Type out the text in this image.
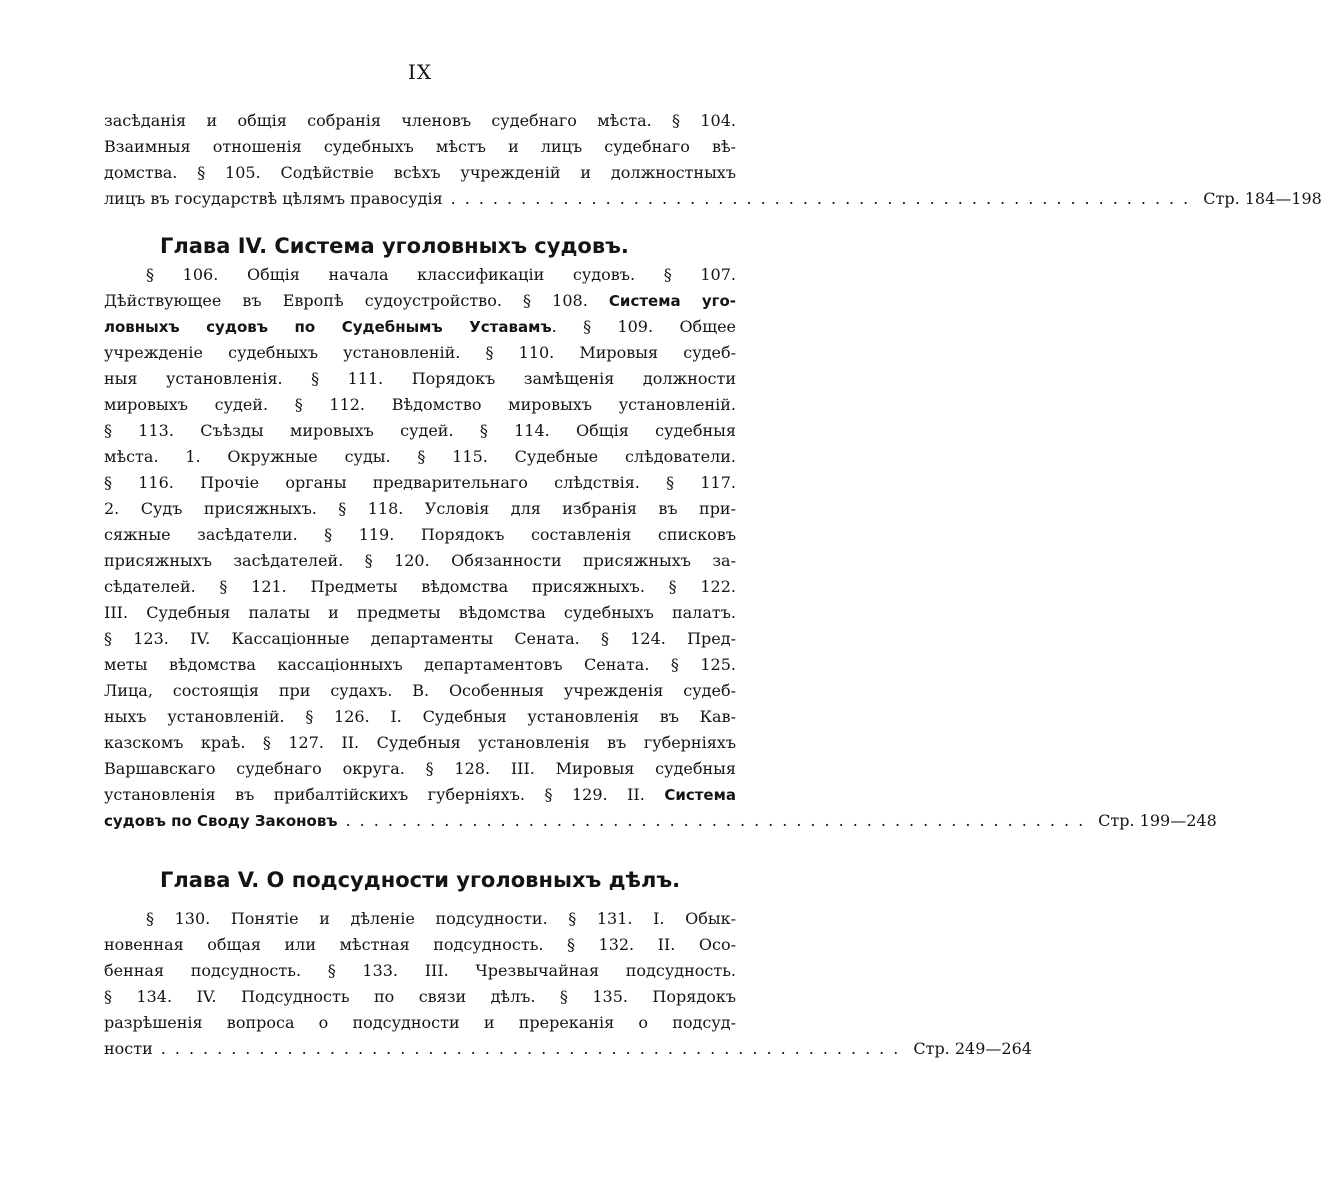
IX
засѣданія и общія собранія членовъ судебнаго мѣста. § 104.
Взаимныя отношенія судебныхъ мѣстъ и лицъ судебнаго вѣ-
домства. § 105. Содѣйствіе всѣхъ учрежденій и должностныхъ
лицъ въ государствѣ цѣлямъ правосудія ..................................................... Стр. 184—198
Глава IV. Система уголовныхъ судовъ.
§ 106. Общія начала классификаціи судовъ. § 107.
Дѣйствующее въ Европѣ судоустройство. § 108. Система уго-
ловныхъ судовъ по Судебнымъ Уставамъ. § 109. Общее
учрежденіе судебныхъ установленій. § 110. Мировыя судеб-
ныя установленія. § 111. Порядокъ замѣщенія должности
мировыхъ судей. § 112. Вѣдомство мировыхъ установленій.
§ 113. Съѣзды мировыхъ судей. § 114. Общія судебныя
мѣста. 1. Окружные суды. § 115. Судебные слѣдователи.
§ 116. Прочіе органы предварительнаго слѣдствія. § 117.
2. Судъ присяжныхъ. § 118. Условія для избранія въ при-
сяжные засѣдатели. § 119. Порядокъ составленія списковъ
присяжныхъ засѣдателей. § 120. Обязанности присяжныхъ за-
сѣдателей. § 121. Предметы вѣдомства присяжныхъ. § 122.
III. Судебныя палаты и предметы вѣдомства судебныхъ палатъ.
§ 123. IV. Кассаціонные департаменты Сената. § 124. Пред-
меты вѣдомства кассаціонныхъ департаментовъ Сената. § 125.
Лица, состоящія при судахъ. В. Особенныя учрежденія судеб-
ныхъ установленій. § 126. I. Судебныя установленія въ Кав-
казскомъ краѣ. § 127. II. Судебныя установленія въ губерніяхъ
Варшавскаго судебнаго округа. § 128. III. Мировыя судебныя
установленія въ прибалтійскихъ губерніяхъ. § 129. II. Система
судовъ по Своду Законовъ ..................................................... Стр. 199—248
Глава V. О подсудности уголовныхъ дѣлъ.
§ 130. Понятіе и дѣленіе подсудности. § 131. I. Обык-
новенная общая или мѣстная подсудность. § 132. II. Осо-
бенная подсудность. § 133. III. Чрезвычайная подсудность.
§ 134. IV. Подсудность по связи дѣлъ. § 135. Порядокъ
разрѣшенія вопроса о подсудности и пререканія о подсуд-
ности ..................................................... Стр. 249—264
